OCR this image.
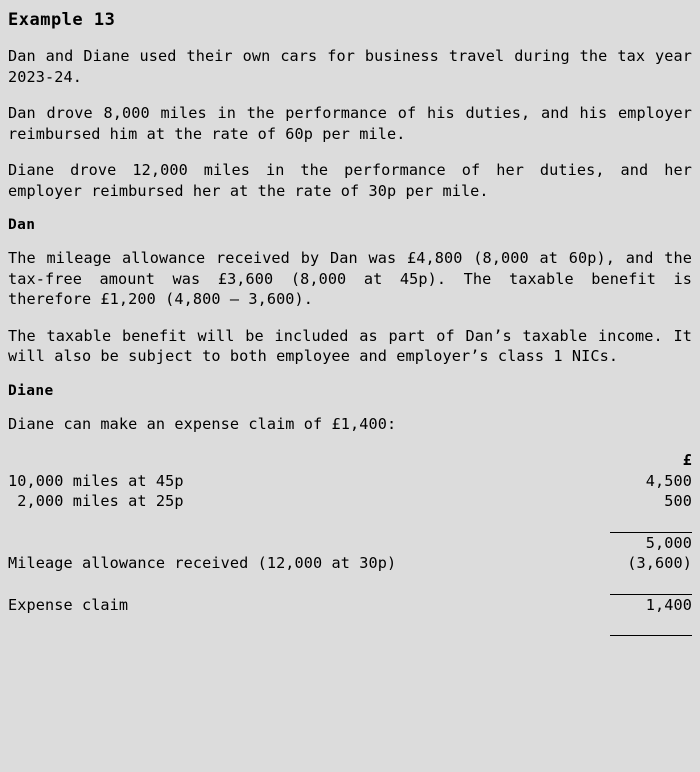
Example 13

Dan and Diane used their own cars for business travel during the tax year 2023-24.

Dan drove 8,000 miles in the performance of his duties, and his employer reimbursed him at the rate of 60p per mile.

Diane drove 12,000 miles in the performance of her duties, and her employer reimbursed her at the rate of 30p per mile.

Dan

The mileage allowance received by Dan was £4,800 (8,000 at 60p), and the tax-free amount was £3,600 (8,000 at 45p). The taxable benefit is therefore £1,200 (4,800 – 3,600).

The taxable benefit will be included as part of Dan’s taxable income. It will also be subject to both employee and employer’s class 1 NICs.

Diane

Diane can make an expense claim of £1,400:

	£
10,000 miles at 45p	4,500
2,000 miles at 25p	500

	5,000
Mileage allowance received (12,000 at 30p)	(3,600)

Expense claim	1,400
